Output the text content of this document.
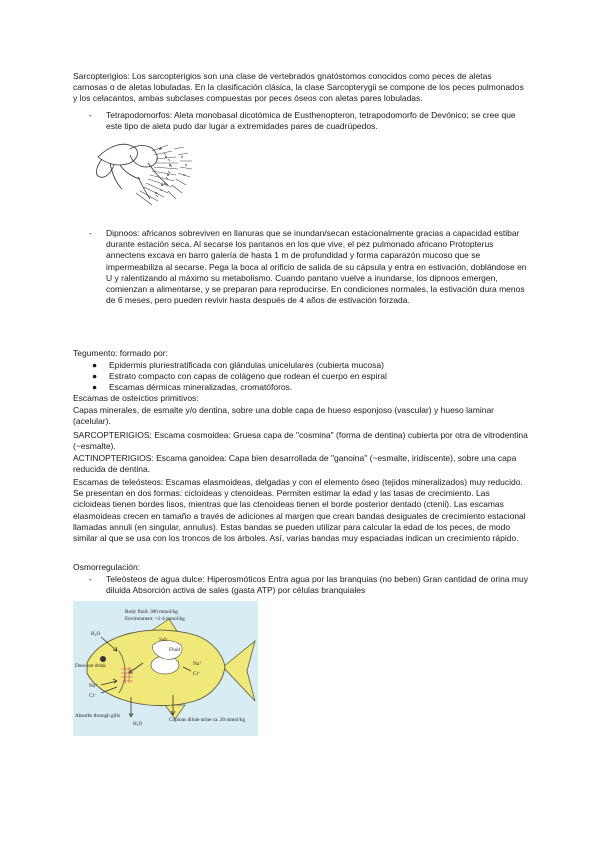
Sarcopterigios: Los sarcopterigios son una clase de vertebrados gnatóstomos conocidos como peces de aletas carnosas o de aletas lobuladas. En la clasificación clásica, la clase Sarcopterygii se compone de los peces pulmonados y los celacantos, ambas subclases compuestas por peces óseos con aletas pares lobuladas.
- Tetrapodomorfos: Aleta monobasal dicotómica de Eusthenopteron, tetrapodomorfo de Devónico; se cree que este tipo de aleta pudo dar lugar a extremidades pares de cuadrúpedos.
- Dipnoos: africanos sobreviven en llanuras que se inundan/secan estacionalmente gracias a capacidad estibar durante estación seca. Al secarse los pantanos en los que vive, el pez pulmonado africano Protopterus annectens excava en barro galería de hasta 1 m de profundidad y forma caparazón mucoso que se impermeabiliza al secarse. Pega la boca al orificio de salida de su cápsula y entra en estivación, doblándose en U y ralentizando al máximo su metabolismo. Cuando pantano vuelve a inundarse, los dipnoos emergen, comienzan a alimentarse, y se preparan para reproducirse. En condiciones normales, la estivación dura menos de 6 meses, pero pueden revivir hasta después de 4 años de estivación forzada.
Tegumento: formado por:
● Epidermis pluriestratificada con glándulas unicelulares (cubierta mucosa)
● Estrato compacto con capas de colágeno que rodean el cuerpo en espiral
● Escamas dérmicas mineralizadas, cromatóforos.
Escamas de osteíctios primitivos:
Capas minerales, de esmalte y/o dentina, sobre una doble capa de hueso esponjoso (vascular) y hueso laminar (acelular).
SARCOPTERIGIOS: Escama cosmoidea: Gruesa capa de "cosmina" (forma de dentina) cubierta por otra de vitrodentina (~esmalte).
ACTINOPTERIGIOS: Escama ganoidea: Capa bien desarrollada de "ganoina" (~esmalte, iridiscente), sobre una capa reducida de dentina.
Escamas de teleósteos: Escamas elasmoideas, delgadas y con el elemento óseo (tejidos mineralizados) muy reducido. Se presentan en dos formas: cicloideas y ctenoideas. Permiten estimar la edad y las tasas de crecimiento. Las cicloideas tienen bordes lisos, mientras que las ctenoideas tienen el borde posterior dentado (ctenii). Las escamas elasmoideas crecen en tamaño a través de adiciones al margen que crean bandas desiguales de crecimiento estacional llamadas annuli (en singular, annulus). Estas bandas se pueden utilizar para calcular la edad de los peces, de modo similar al que se usa con los troncos de los árboles. Así, varias bandas muy espaciadas indican un crecimiento rápido.
Osmorregulación:
- Teleósteos de agua dulce: Hiperosmóticos Entra agua por las branquias (no beben) Gran cantidad de orina muy diluida Absorción activa de sales (gasta ATP) por células branquiales
Body fluid: 300 mmol/kg
Environment: <1-4 mmol/kg
H₂O
Salt
Fluid
Na⁺
Cl⁻
Does not drink
Na⁺
Cl⁻
Absorbs through gills
H₂O
Copious dilute urine ca. 20 mmol/kg
